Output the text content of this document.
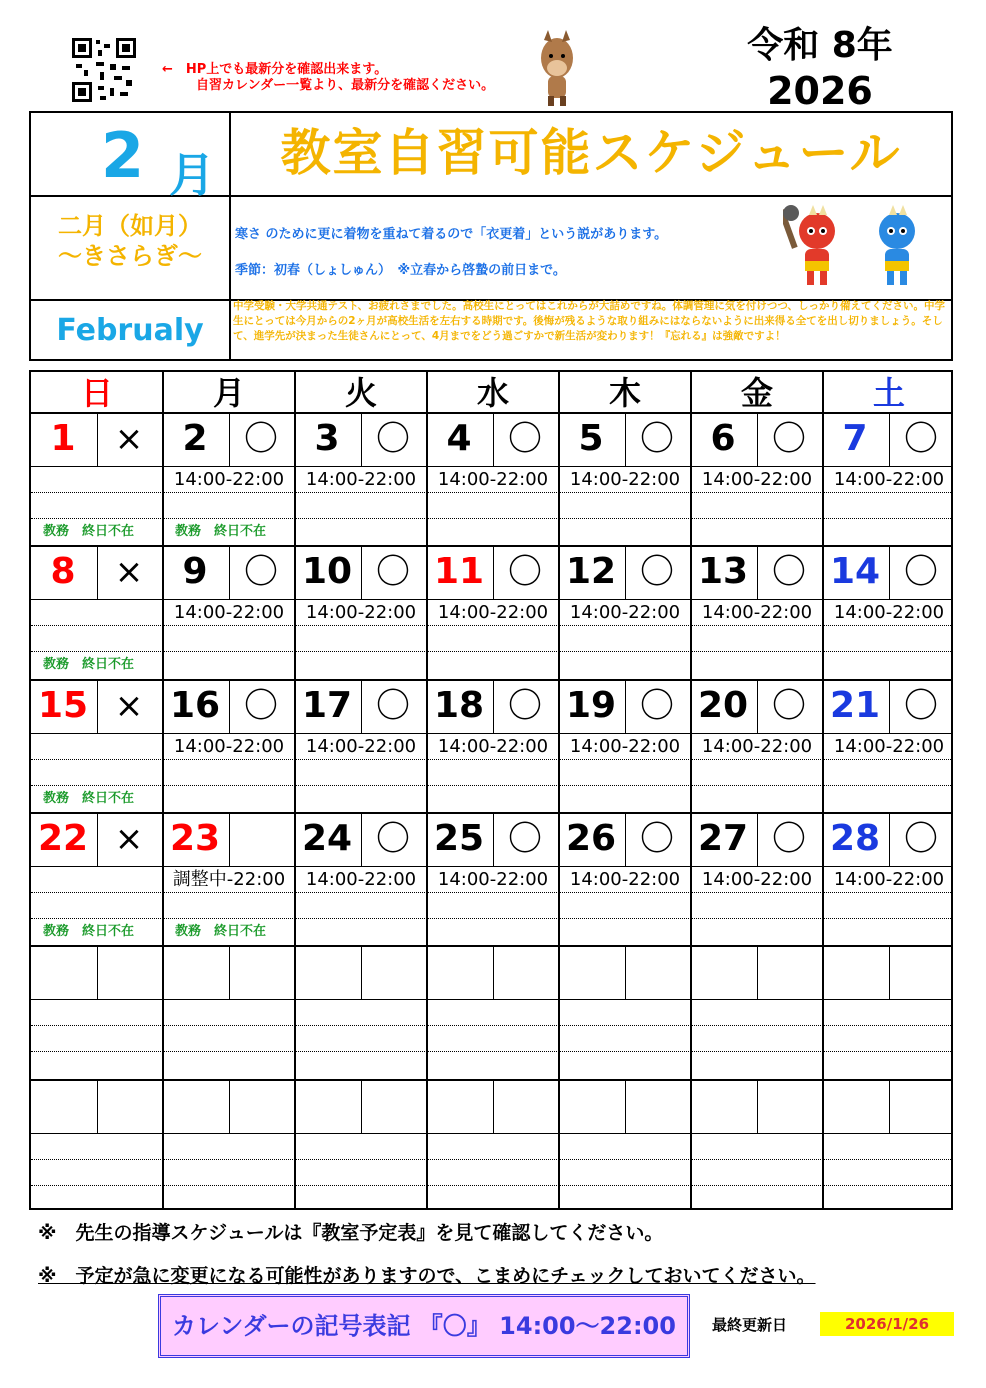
←　HP上でも最新分を確認出来ます。
自習カレンダー一覧より、最新分を確認ください。
令和 8年
2026
2 月	教室自習可能スケジュール
二月（如月）
〜きさらぎ〜
寒さ のために更に着物を重ねて着るので「衣更着」という説があります。
季節：初春（しょしゅん）　※立春から啓蟄の前日まで。
Februaly
中学受験・大学共通テスト、お疲れさまでした。高校生にとってはこれからが大詰めですね。体調管理に気を付けつつ、しっかり備えてください。中学生にとっては今月からの2ヶ月が高校生活を左右する時期です。後悔が残るような取り組みにはならないように出来得る全てを出し切りましょう。そして、進学先が決まった生徒さんにとって、4月までをどう過ごすかで新生活が変わります！『忘れる』は強敵ですよ！
日	月	火	水	木	金	土
1	×
教務　終日不在
2	〇
14:00-22:00
教務　終日不在
3	〇
14:00-22:00
4	〇
14:00-22:00
5	〇
14:00-22:00
6	〇
14:00-22:00
7	〇
14:00-22:00
8	×
教務　終日不在
9	〇
14:00-22:00
10 〇
14:00-22:00
11 〇
14:00-22:00
12 〇
14:00-22:00
13 〇
14:00-22:00
14 〇
14:00-22:00
15 ×
教務　終日不在
16 〇
14:00-22:00
17 〇
14:00-22:00
18 〇
14:00-22:00
19 〇
14:00-22:00
20 〇
14:00-22:00
21 〇
14:00-22:00
22 ×
教務　終日不在
23
調整中-22:00
教務　終日不在
24 〇
14:00-22:00
25 〇
14:00-22:00
26 〇
14:00-22:00
27 〇
14:00-22:00
28 〇
14:00-22:00
※　先生の指導スケジュールは『教室予定表』を見て確認してください。
※　予定が急に変更になる可能性がありますので、こまめにチェックしておいてください。
カレンダーの記号表記 『〇』 14:00〜22:00	最終更新日	2026/1/26
